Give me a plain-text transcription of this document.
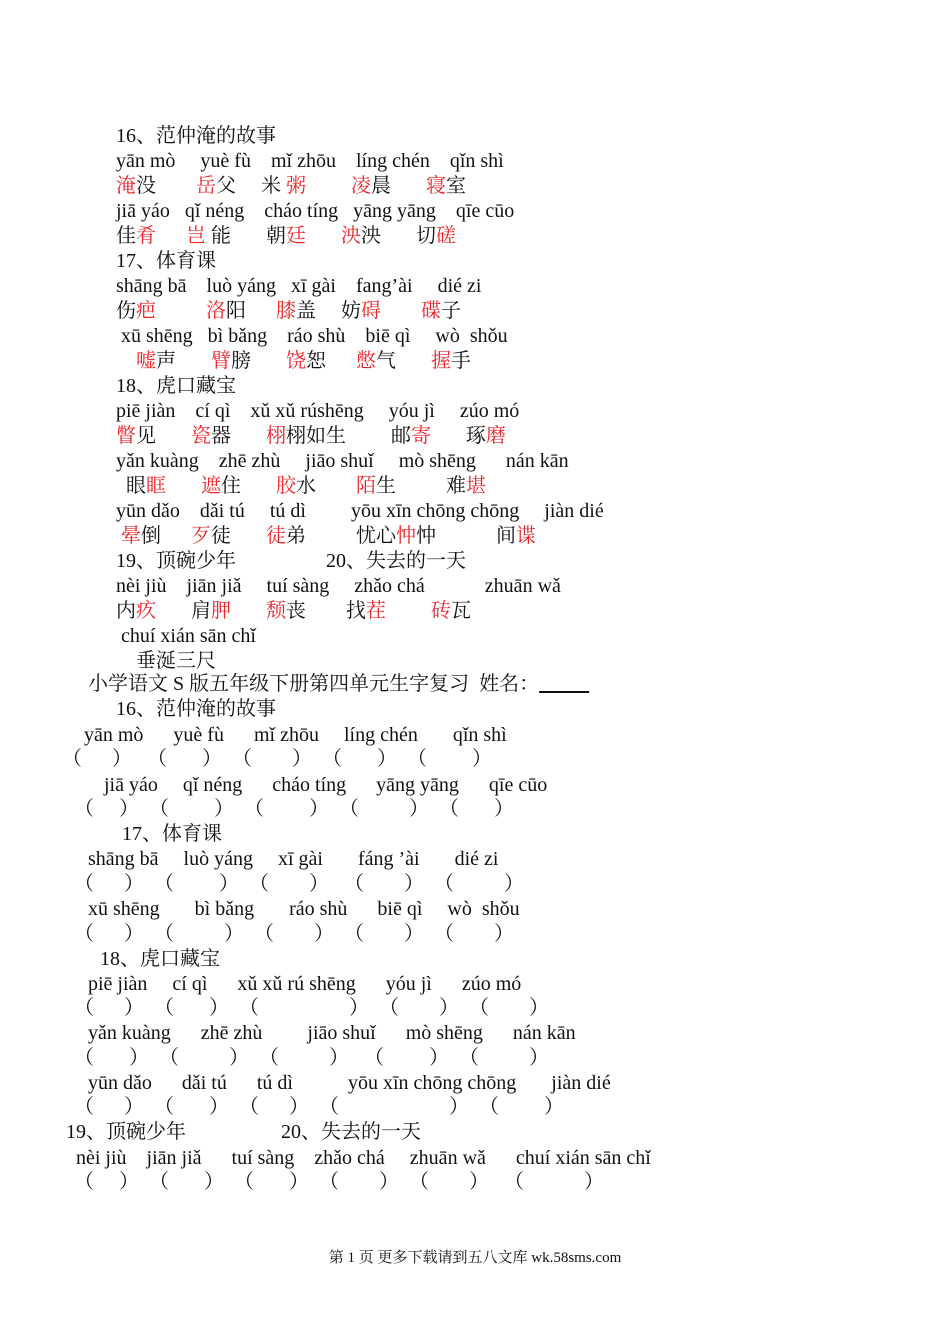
16、范仲淹的故事
yān mò     yuè fù    mǐ zhōu    líng chén    qǐn shì
淹没        岳父     米 粥 凌晨       寝室
jiā yáo   qǐ néng    cháo tíng   yāng yāng    qīe cūo
佳肴 岂 能       朝廷 泱泱       切磋
17、体育课
shāng bā    luò yáng   xī gài    fang’ài     dié zi
伤疤	洛阳      膝盖     妨碍 碟子
xū shēng   bì bǎng    ráo shù    biē qì     wò  shǒu
嘘声       臂膀       饶恕      憋气       握手
18、虎口藏宝
piē jiàn    cí qì    xǔ xǔ rúshēng     yóu jì     zúo mó
瞥见       瓷器       栩栩如生         邮寄       琢磨
yǎn kuàng    zhē zhù     jiāo shuǐ     mò shēng      nán kān
眼眶 遮住       胶水        陌生          难堪
yūn dǎo    dǎi tú     tú dì         yōu xīn chōng chōng     jiàn dié
晕倒      歹徒       徒弟          忧心忡忡            间谍
19、顶碗少年                  20、失去的一天
nèi jiù    jiān jiǎ     tuí sàng     zhǎo chá            zhuān wǎ
内疚       肩胛 颓丧        找茬 砖瓦
chuí xián sān chǐ
垂涎三尺
小学语文 S 版五年级下册第四单元生字复习  姓名：
16、范仲淹的故事
yān mò      yuè fù      mǐ zhōu     líng chén       qǐn shì
（      ）   （       ）  （        ）  （       ）  （         ）
jiā yáo     qǐ néng      cháo tíng      yāng yāng      qīe cūo
（     ）  （         ）  （         ）  （          ）  （       ）
17、体育课
shāng bā     luò yáng     xī gài       fáng ’ài       dié zi
（      ）  （         ）  （        ）   （        ）  （          ）
xū shēng       bì bǎng       ráo shù      biē qì     wò  shǒu
（      ）  （          ）  （        ）  （        ）  （        ）
18、虎口藏宝
piē jiàn     cí qì      xǔ xǔ rú shēng      yóu jì      zúo mó
（      ）  （       ）  （                  ）  （        ）  （        ）
yǎn kuàng      zhē zhù         jiāo shuǐ      mò shēng      nán kān
（       ）  （          ）  （          ）   （         ）  （          ）
yūn dǎo      dǎi tú      tú dì           yōu xīn chōng chōng       jiàn dié
（      ）  （       ）  （      ）  （                      ）  （         ）
19、顶碗少年                   20、失去的一天
nèi jiù    jiān jiǎ      tuí sàng    zhǎo chá     zhuān wǎ      chuí xián sān chǐ
（     ）  （       ）  （       ）  （        ）  （        ）   （            ）
第 1 页 更多下载请到五八文库 wk.58sms.com
